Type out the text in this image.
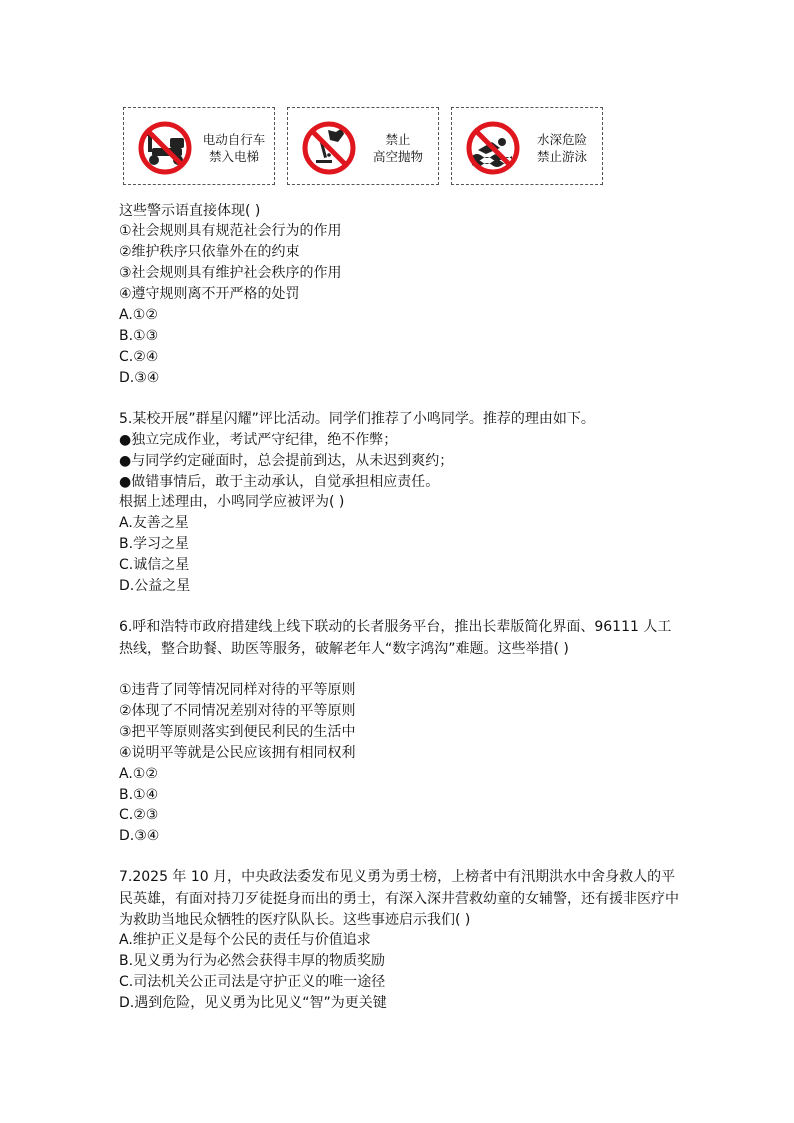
电动自行车
禁入电梯
禁止
高空抛物
水深危险
禁止游泳
这些警示语直接体现( )
①社会规则具有规范社会行为的作用
②维护秩序只依靠外在的约束
③社会规则具有维护社会秩序的作用
④遵守规则离不开严格的处罚
A.①②
B.①③
C.②④
D.③④
5.某校开展”群星闪耀”评比活动。同学们推荐了小鸣同学。推荐的理由如下。
●独立完成作业，考试严守纪律，绝不作弊；
●与同学约定碰面时，总会提前到达，从未迟到爽约；
●做错事情后，敢于主动承认，自觉承担相应责任。
根据上述理由，小鸣同学应被评为( )
A.友善之星
B.学习之星
C.诚信之星
D.公益之星
6.呼和浩特市政府措建线上线下联动的长者服务平台，推出长辈版简化界面、96111 人工热线，整合助餐、助医等服务，破解老年人“数字鸿沟”难题。这些举措( )
①违背了同等情况同样对待的平等原则
②体现了不同情况差别对待的平等原则
③把平等原则落实到便民利民的生活中
④说明平等就是公民应该拥有相同权利
A.①②
B.①④
C.②③
D.③④
7.2025 年 10 月，中央政法委发布见义勇为勇士榜，上榜者中有汛期洪水中舍身救人的平民英雄，有面对持刀歹徒挺身而出的勇士，有深入深井营救幼童的女辅警，还有援非医疗中为救助当地民众牺牲的医疗队队长。这些事迹启示我们( )
A.维护正义是每个公民的责任与价值追求
B.见义勇为行为必然会获得丰厚的物质奖励
C.司法机关公正司法是守护正义的唯一途径
D.遇到危险，见义勇为比见义“智”为更关键
